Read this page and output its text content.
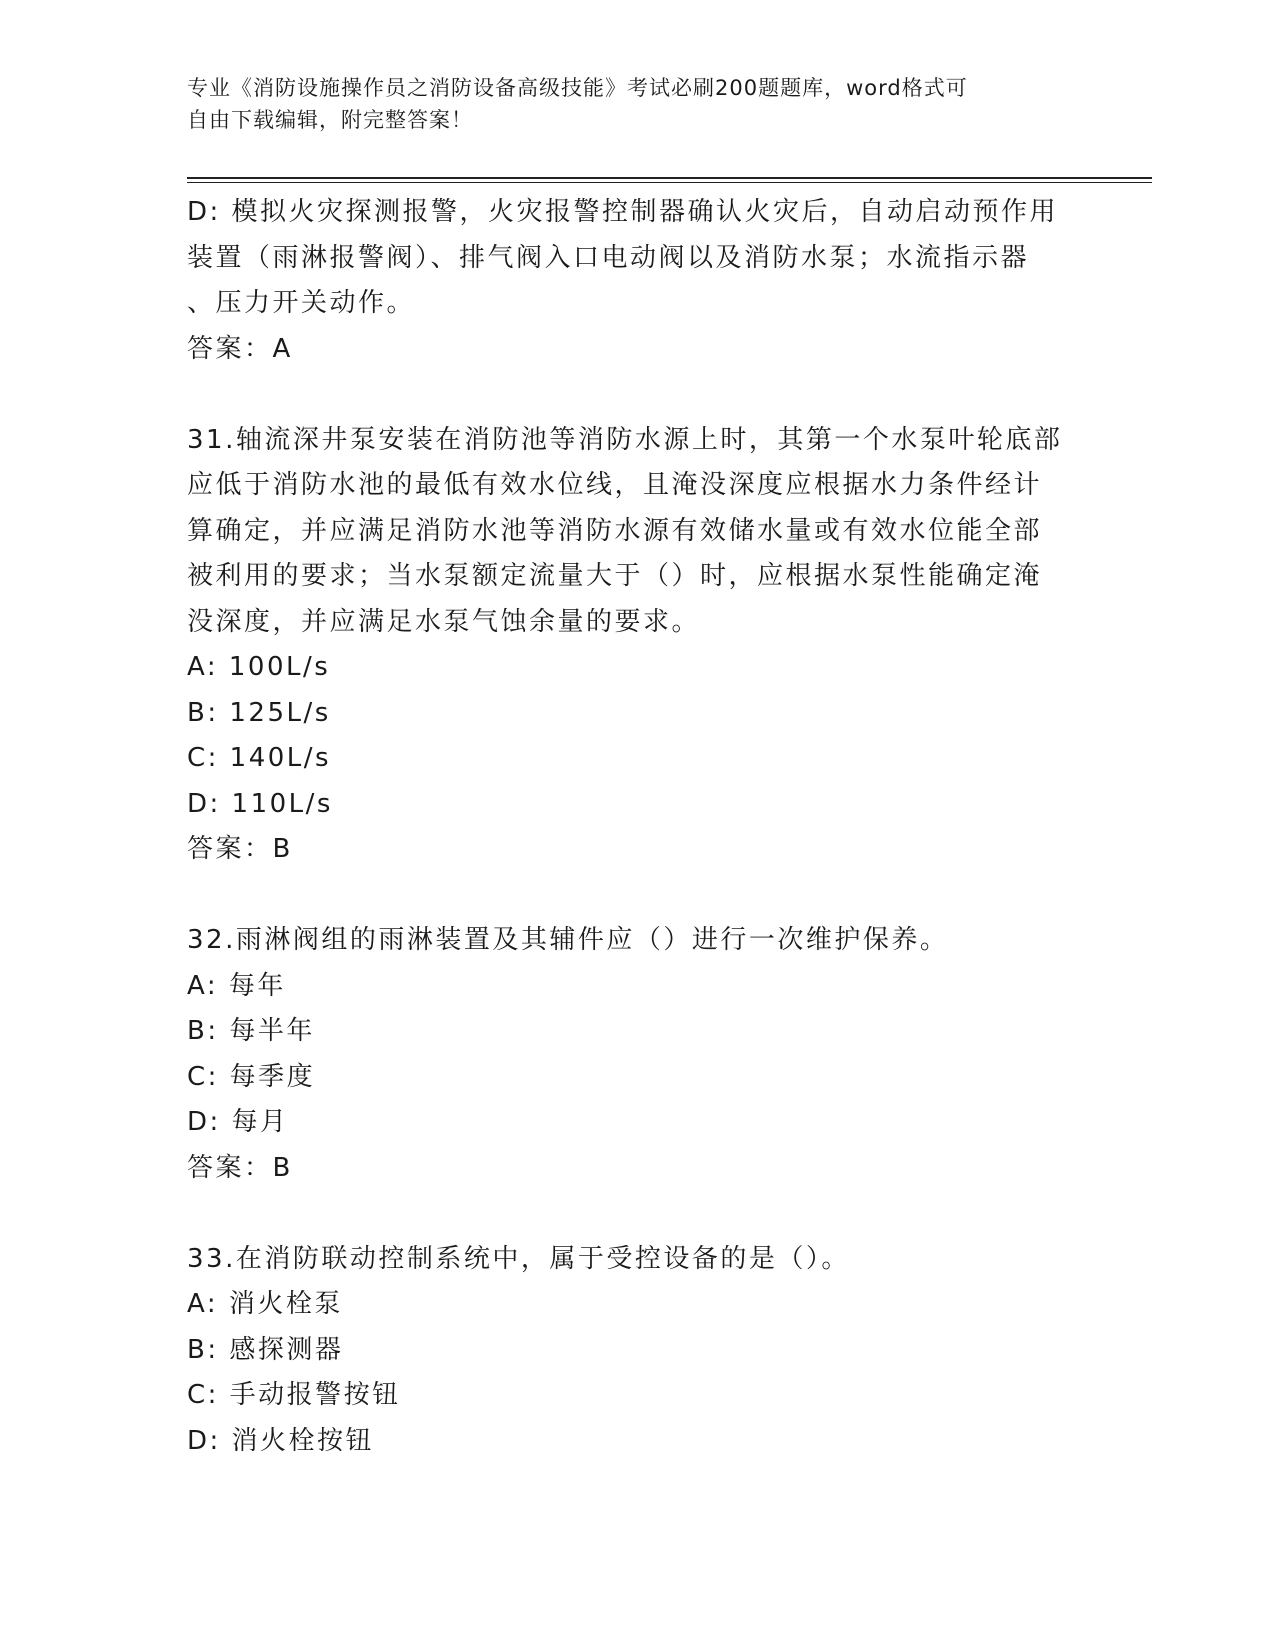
专业《消防设施操作员之消防设备高级技能》考试必刷200题题库，word格式可
自由下载编辑，附完整答案！
D: 模拟火灾探测报警，火灾报警控制器确认火灾后，自动启动预作用
装置（雨淋报警阀）、排气阀入口电动阀以及消防水泵；水流指示器
、压力开关动作。
答案：A
31.轴流深井泵安装在消防池等消防水源上时，其第一个水泵叶轮底部
应低于消防水池的最低有效水位线，且淹没深度应根据水力条件经计
算确定，并应满足消防水池等消防水源有效储水量或有效水位能全部
被利用的要求；当水泵额定流量大于（）时，应根据水泵性能确定淹
没深度，并应满足水泵气蚀余量的要求。
A: 100L/s
B: 125L/s
C: 140L/s
D: 110L/s
答案：B
32.雨淋阀组的雨淋装置及其辅件应（）进行一次维护保养。
A: 每年
B: 每半年
C: 每季度
D: 每月
答案：B
33.在消防联动控制系统中，属于受控设备的是（）。
A: 消火栓泵
B: 感探测器
C: 手动报警按钮
D: 消火栓按钮
